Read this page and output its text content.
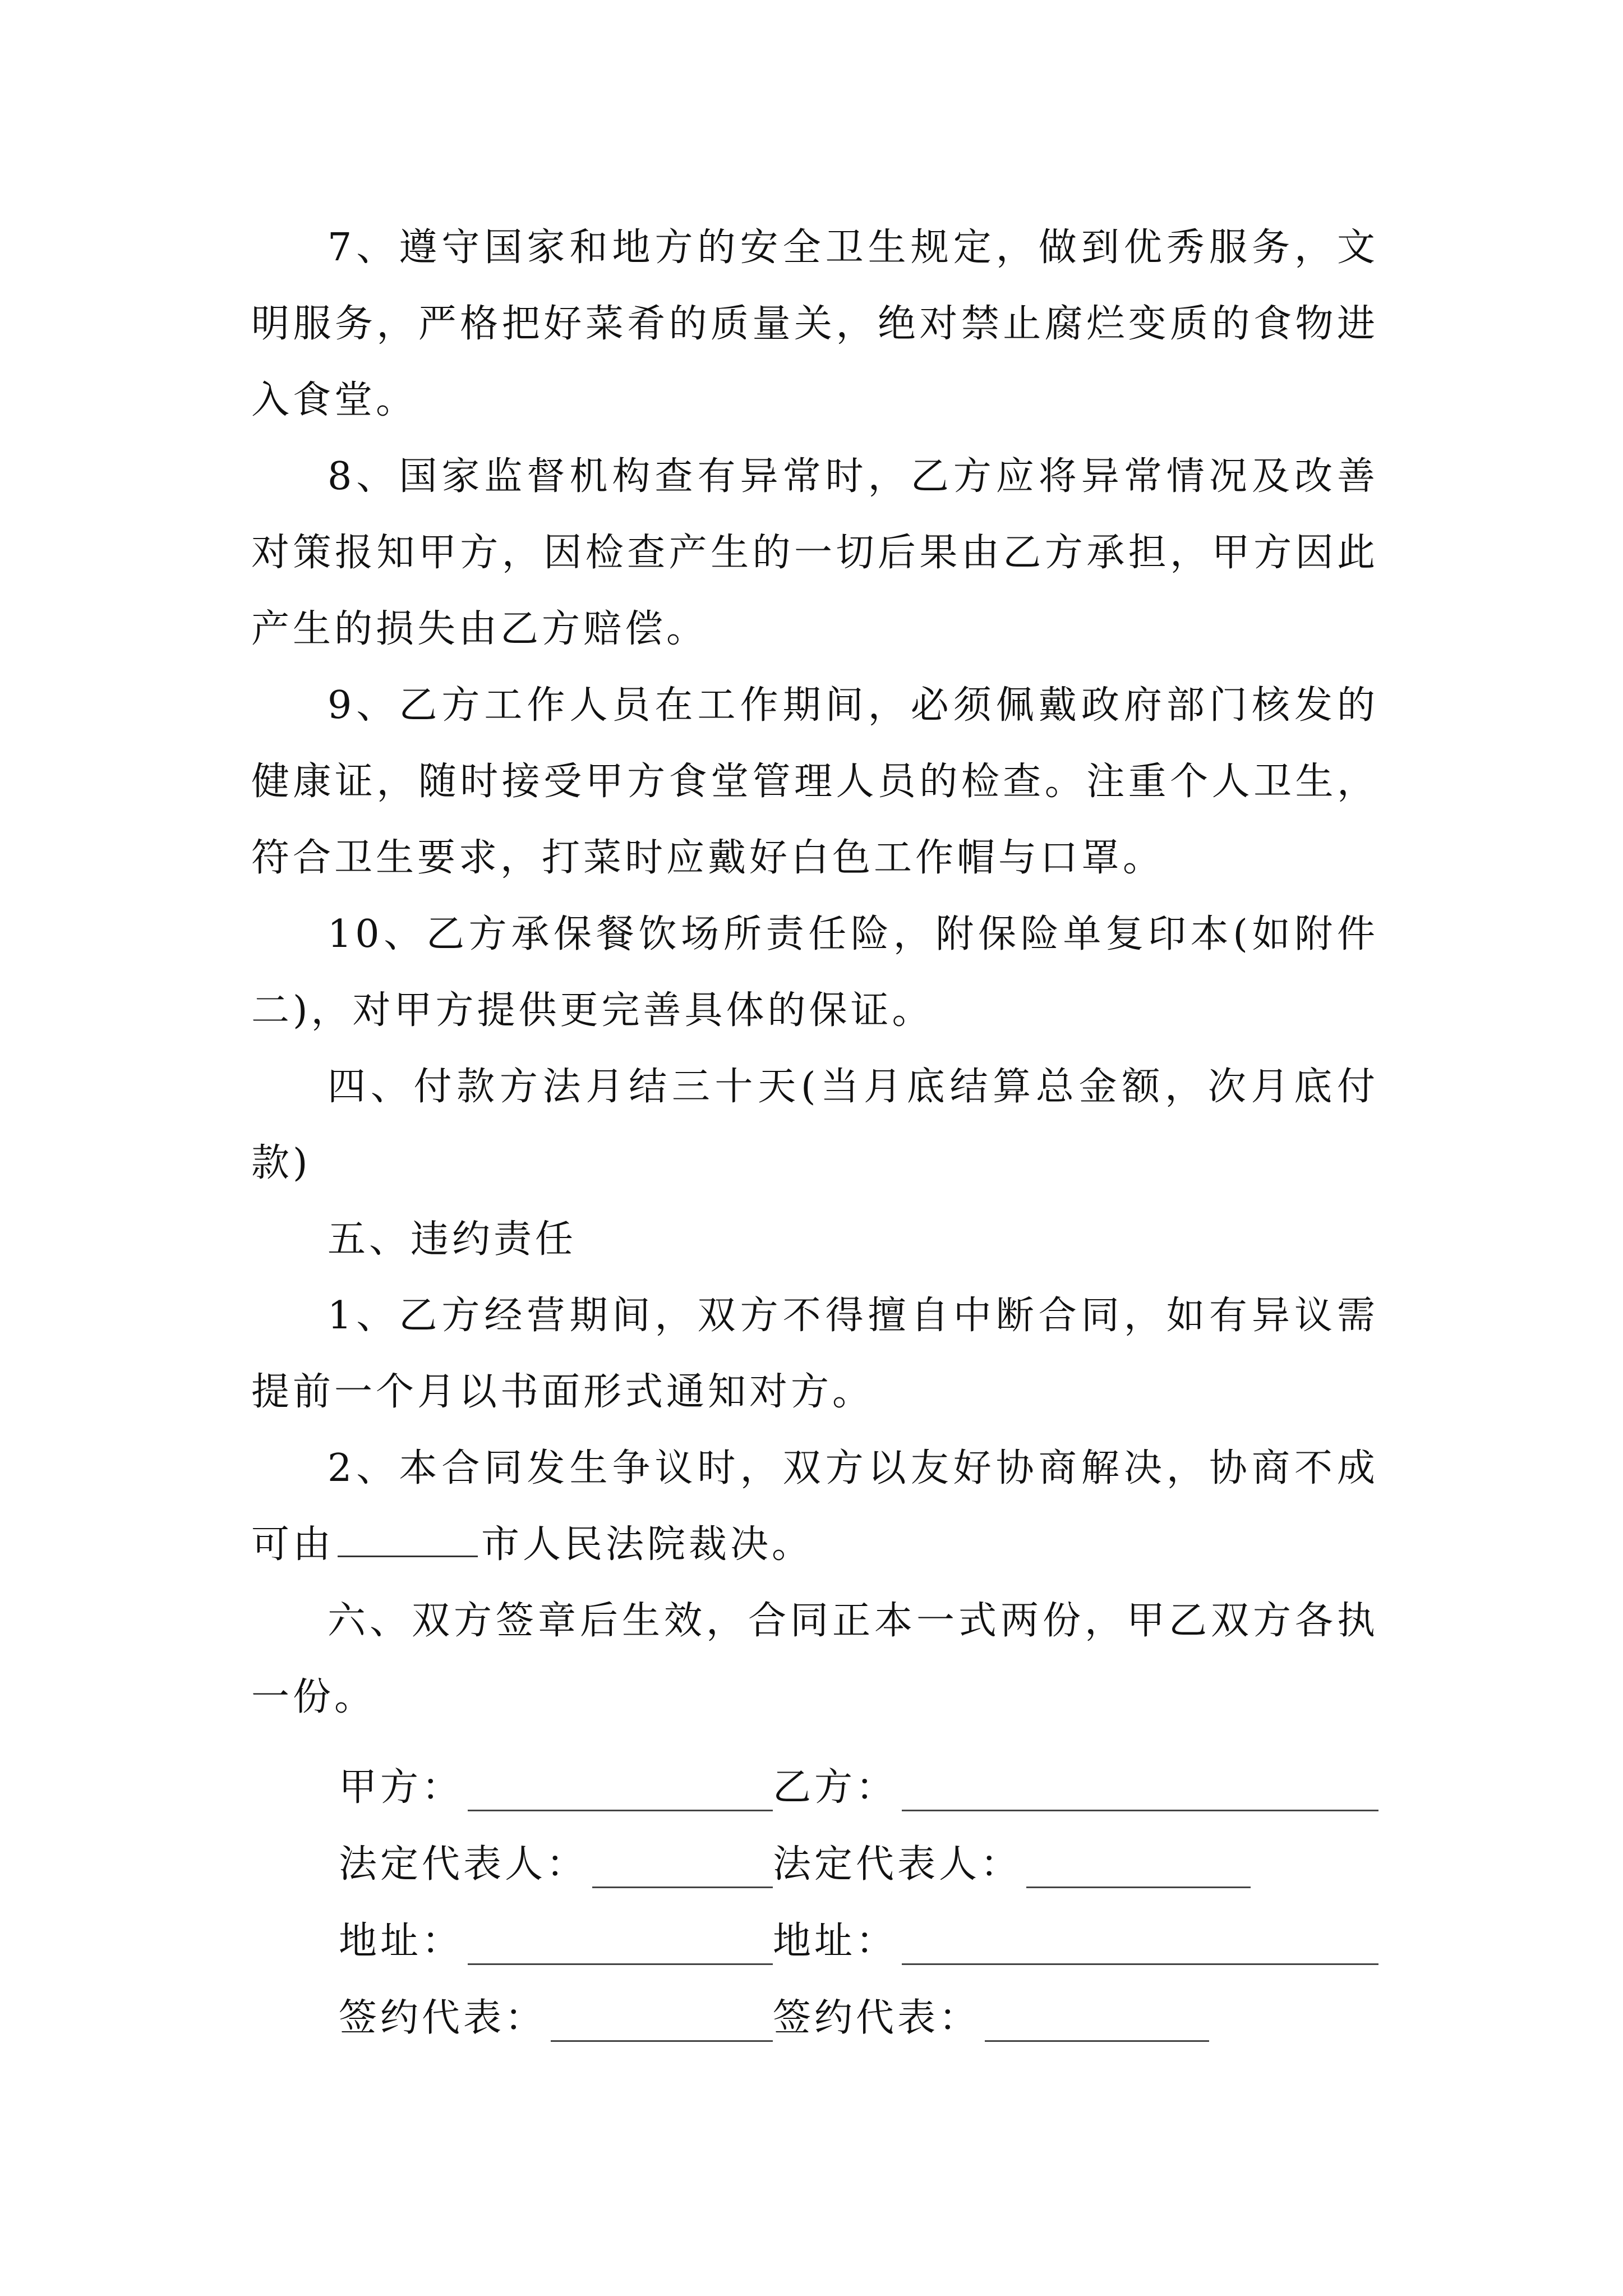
7、遵守国家和地方的安全卫生规定，做到优秀服务，文明服务，严格把好菜肴的质量关，绝对禁止腐烂变质的食物进入食堂。

8、国家监督机构查有异常时，乙方应将异常情况及改善对策报知甲方，因检查产生的一切后果由乙方承担，甲方因此产生的损失由乙方赔偿。

9、乙方工作人员在工作期间，必须佩戴政府部门核发的健康证，随时接受甲方食堂管理人员的检查。注重个人卫生，符合卫生要求，打菜时应戴好白色工作帽与口罩。

10、乙方承保餐饮场所责任险，附保险单复印本(如附件二)，对甲方提供更完善具体的保证。

四、付款方法月结三十天(当月底结算总金额，次月底付款)

五、违约责任

1、乙方经营期间，双方不得擅自中断合同，如有异议需提前一个月以书面形式通知对方。

2、本合同发生争议时，双方以友好协商解决，协商不成可由	市人民法院裁决。

六、双方签章后生效，合同正本一式两份，甲乙双方各执一份。

甲方：	乙方：
法定代表人：	法定代表人：
地址：	地址：
签约代表：	签约代表：
